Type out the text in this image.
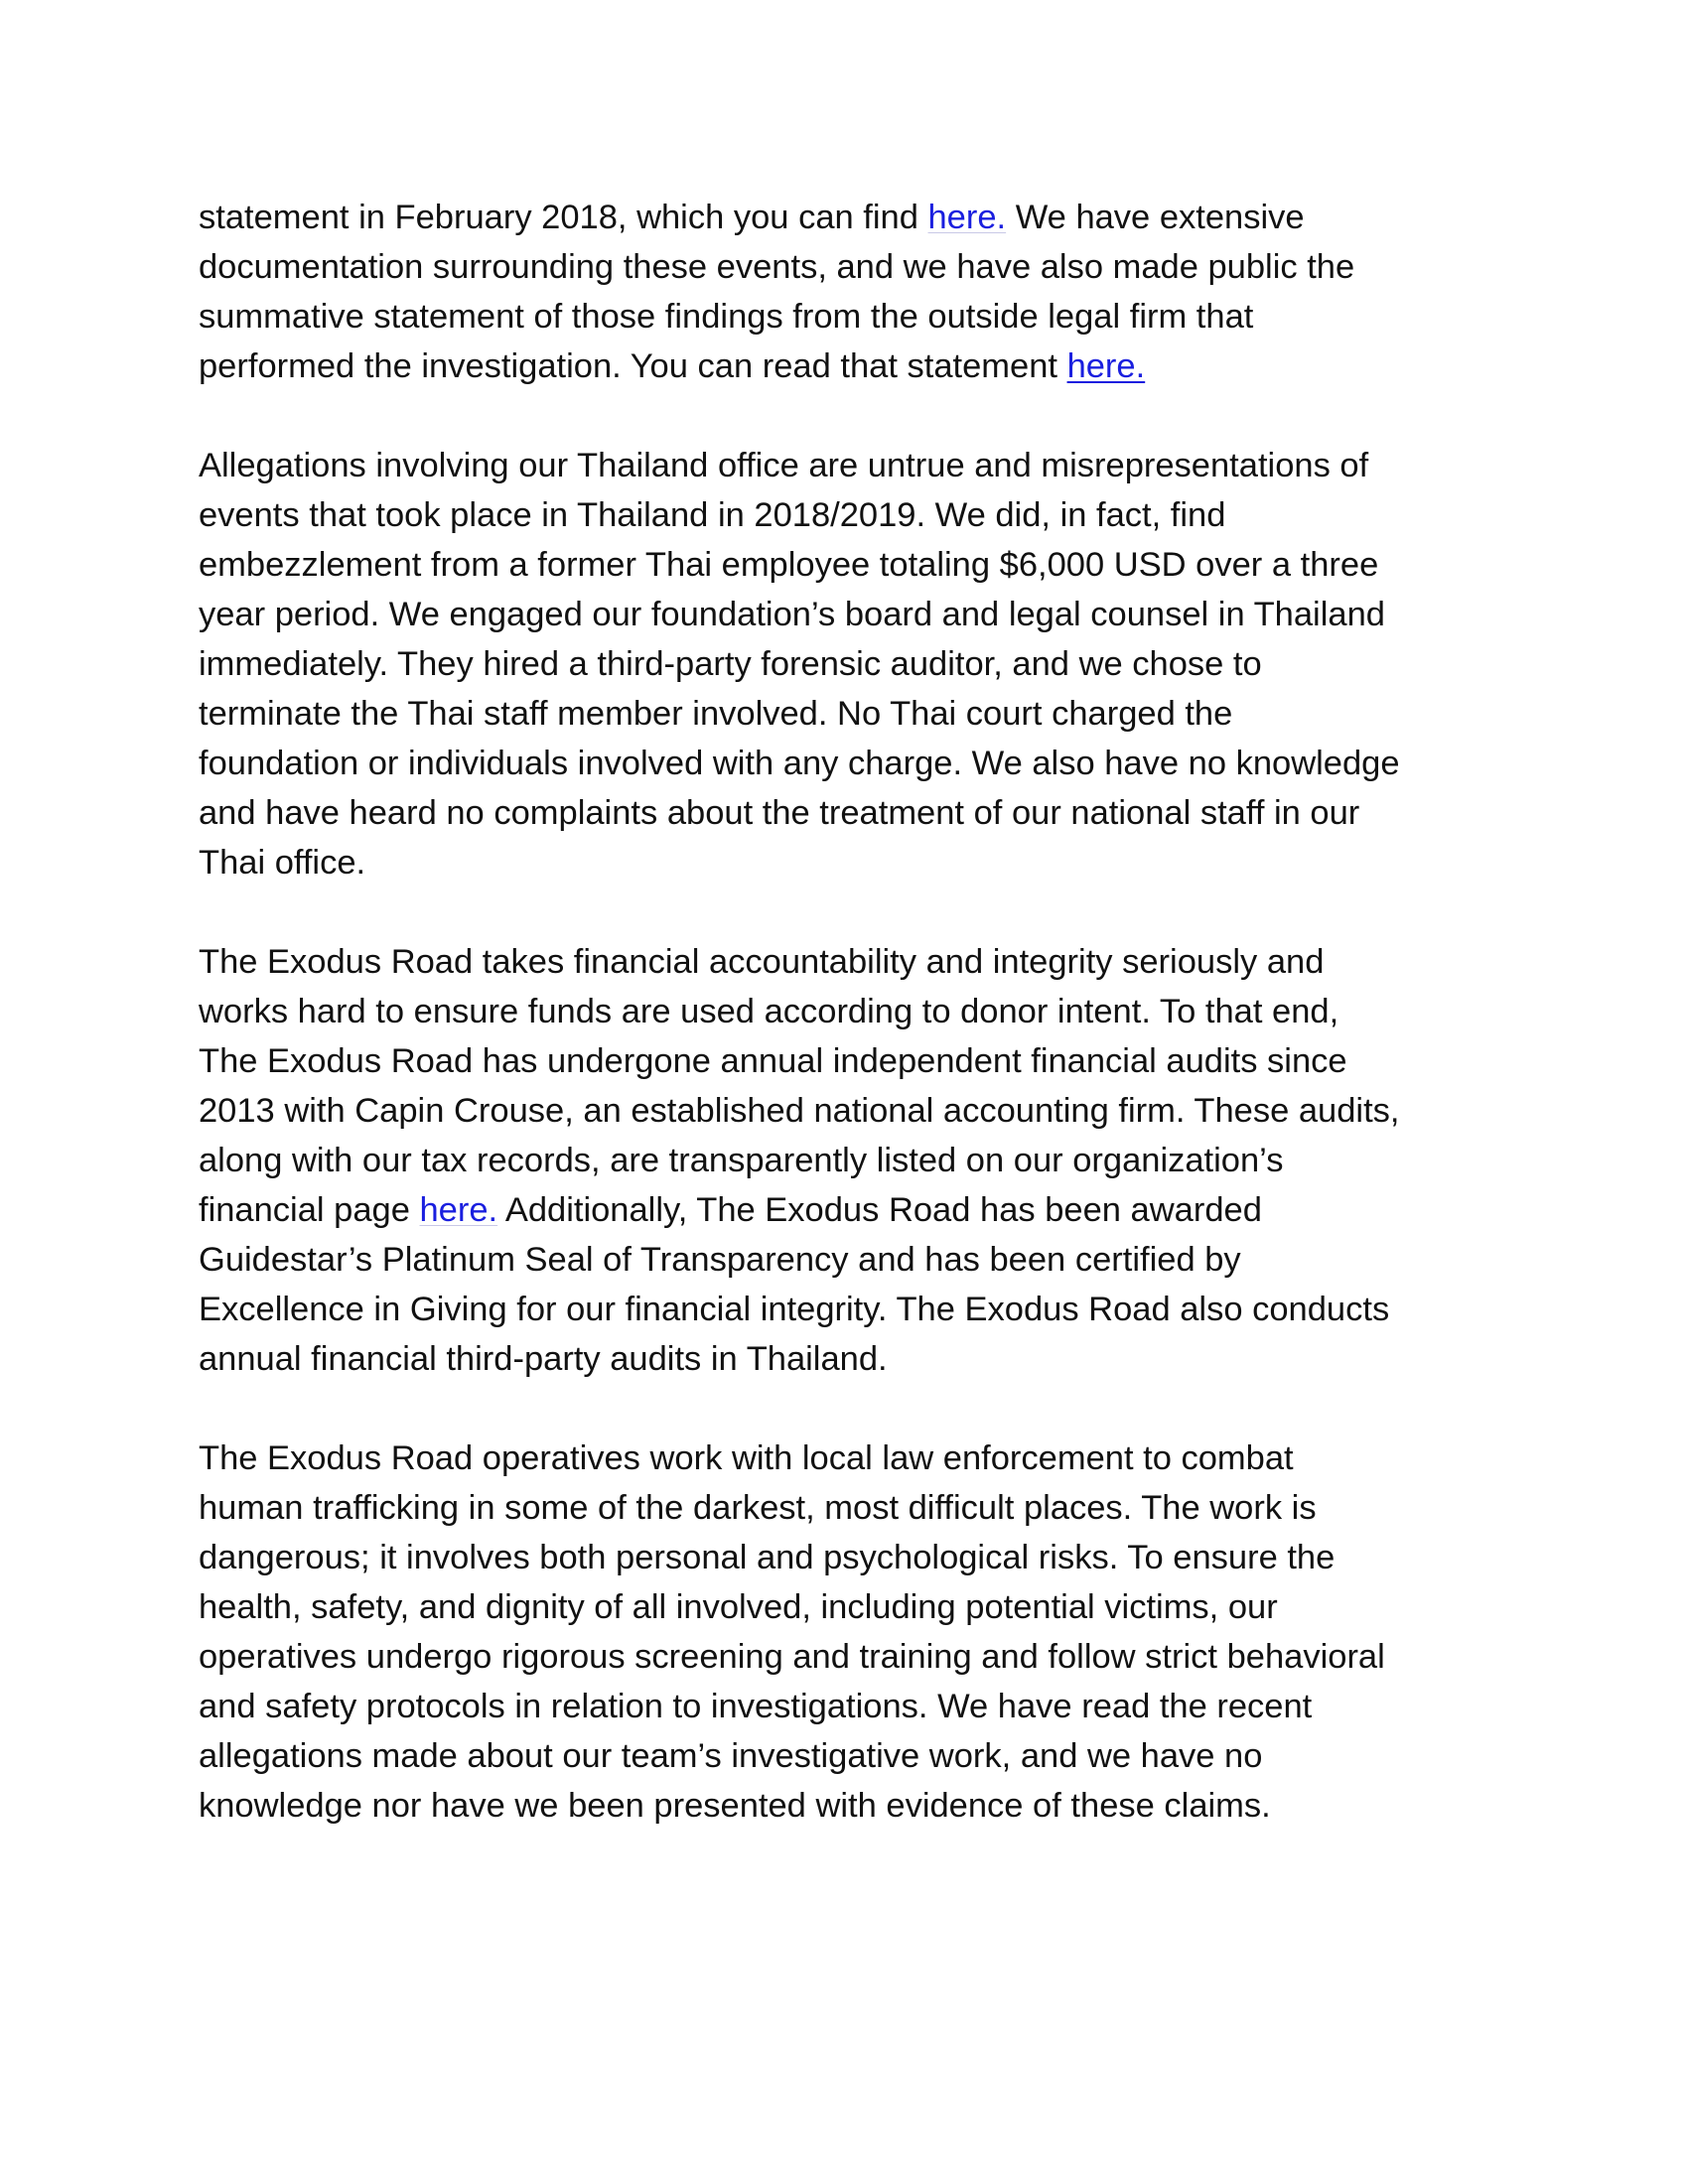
statement in February 2018, which you can find here. We have extensive
documentation surrounding these events, and we have also made public the
summative statement of those findings from the outside legal firm that
performed the investigation. You can read that statement here.

Allegations involving our Thailand office are untrue and misrepresentations of
events that took place in Thailand in 2018/2019. We did, in fact, find
embezzlement from a former Thai employee totaling $6,000 USD over a three
year period. We engaged our foundation’s board and legal counsel in Thailand
immediately. They hired a third-party forensic auditor, and we chose to
terminate the Thai staff member involved. No Thai court charged the
foundation or individuals involved with any charge. We also have no knowledge
and have heard no complaints about the treatment of our national staff in our
Thai office.

The Exodus Road takes financial accountability and integrity seriously and
works hard to ensure funds are used according to donor intent. To that end,
The Exodus Road has undergone annual independent financial audits since
2013 with Capin Crouse, an established national accounting firm. These audits,
along with our tax records, are transparently listed on our organization’s
financial page here. Additionally, The Exodus Road has been awarded
Guidestar’s Platinum Seal of Transparency and has been certified by
Excellence in Giving for our financial integrity. The Exodus Road also conducts
annual financial third-party audits in Thailand.

The Exodus Road operatives work with local law enforcement to combat
human trafficking in some of the darkest, most difficult places. The work is
dangerous; it involves both personal and psychological risks. To ensure the
health, safety, and dignity of all involved, including potential victims, our
operatives undergo rigorous screening and training and follow strict behavioral
and safety protocols in relation to investigations. We have read the recent
allegations made about our team’s investigative work, and we have no
knowledge nor have we been presented with evidence of these claims.
